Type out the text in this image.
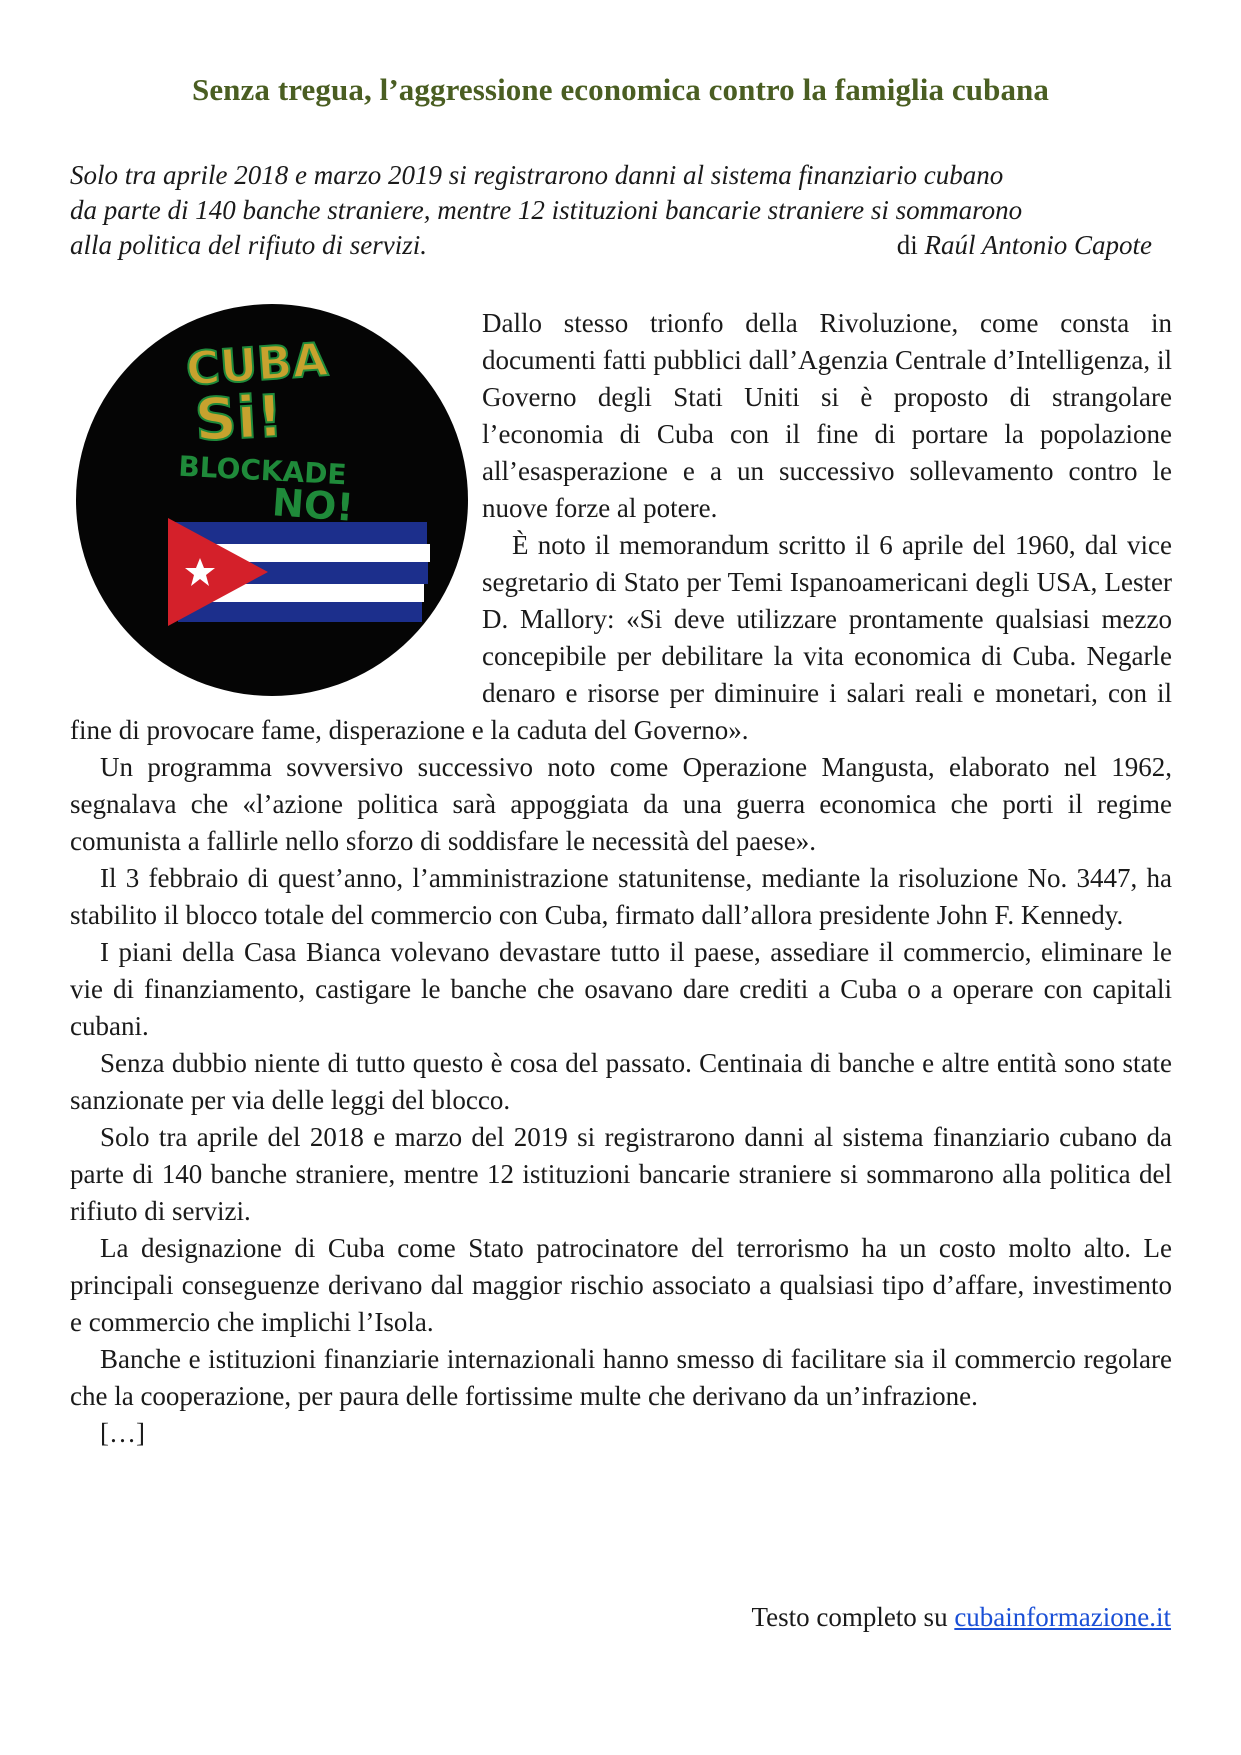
Senza tregua, l’aggressione economica contro la famiglia cubana
Solo tra aprile 2018 e marzo 2019 si registrarono danni al sistema finanziario cubano
da parte di 140 banche straniere, mentre 12 istituzioni bancarie straniere si sommarono
alla politica del rifiuto di servizi.	di Raúl Antonio Capote
CUBA
Si!
BLOCKADE
NO!

Dallo stesso trionfo della Rivoluzione, come consta in documenti fatti pubblici dall’Agenzia Centrale d’Intelligenza, il Governo degli Stati Uniti si è proposto di strangolare l’economia di Cuba con il fine di portare la popolazione all’esasperazione e a un successivo sollevamento contro le nuove forze al potere.

È noto il memorandum scritto il 6 aprile del 1960, dal vice segretario di Stato per Temi Ispanoamericani degli USA, Lester D. Mallory: «Si deve utilizzare prontamente qualsiasi mezzo concepibile per debilitare la vita economica di Cuba. Negarle denaro e risorse per diminuire i salari reali e monetari, con il fine di provocare fame, disperazione e la caduta del Governo».

Un programma sovversivo successivo noto come Operazione Mangusta, elaborato nel 1962, segnalava che «l’azione politica sarà appoggiata da una guerra economica che porti il regime comunista a fallirle nello sforzo di soddisfare le necessità del paese».

Il 3 febbraio di quest’anno, l’amministrazione statunitense, mediante la risoluzione No. 3447, ha stabilito il blocco totale del commercio con Cuba, firmato dall’allora presidente John F. Kennedy.

I piani della Casa Bianca volevano devastare tutto il paese, assediare il commercio, eliminare le vie di finanziamento, castigare le banche che osavano dare crediti a Cuba o a operare con capitali cubani.

Senza dubbio niente di tutto questo è cosa del passato. Centinaia di banche e altre entità sono state sanzionate per via delle leggi del blocco.

Solo tra aprile del 2018 e marzo del 2019 si registrarono danni al sistema finanziario cubano da parte di 140 banche straniere, mentre 12 istituzioni bancarie straniere si sommarono alla politica del rifiuto di servizi.

La designazione di Cuba come Stato patrocinatore del terrorismo ha un costo molto alto. Le principali conseguenze derivano dal maggior rischio associato a qualsiasi tipo d’affare, investimento e commercio che implichi l’Isola.

Banche e istituzioni finanziarie internazionali hanno smesso di facilitare sia il commercio regolare che la cooperazione, per paura delle fortissime multe che derivano da un’infrazione.

[…]

Testo completo su cubainformazione.it
